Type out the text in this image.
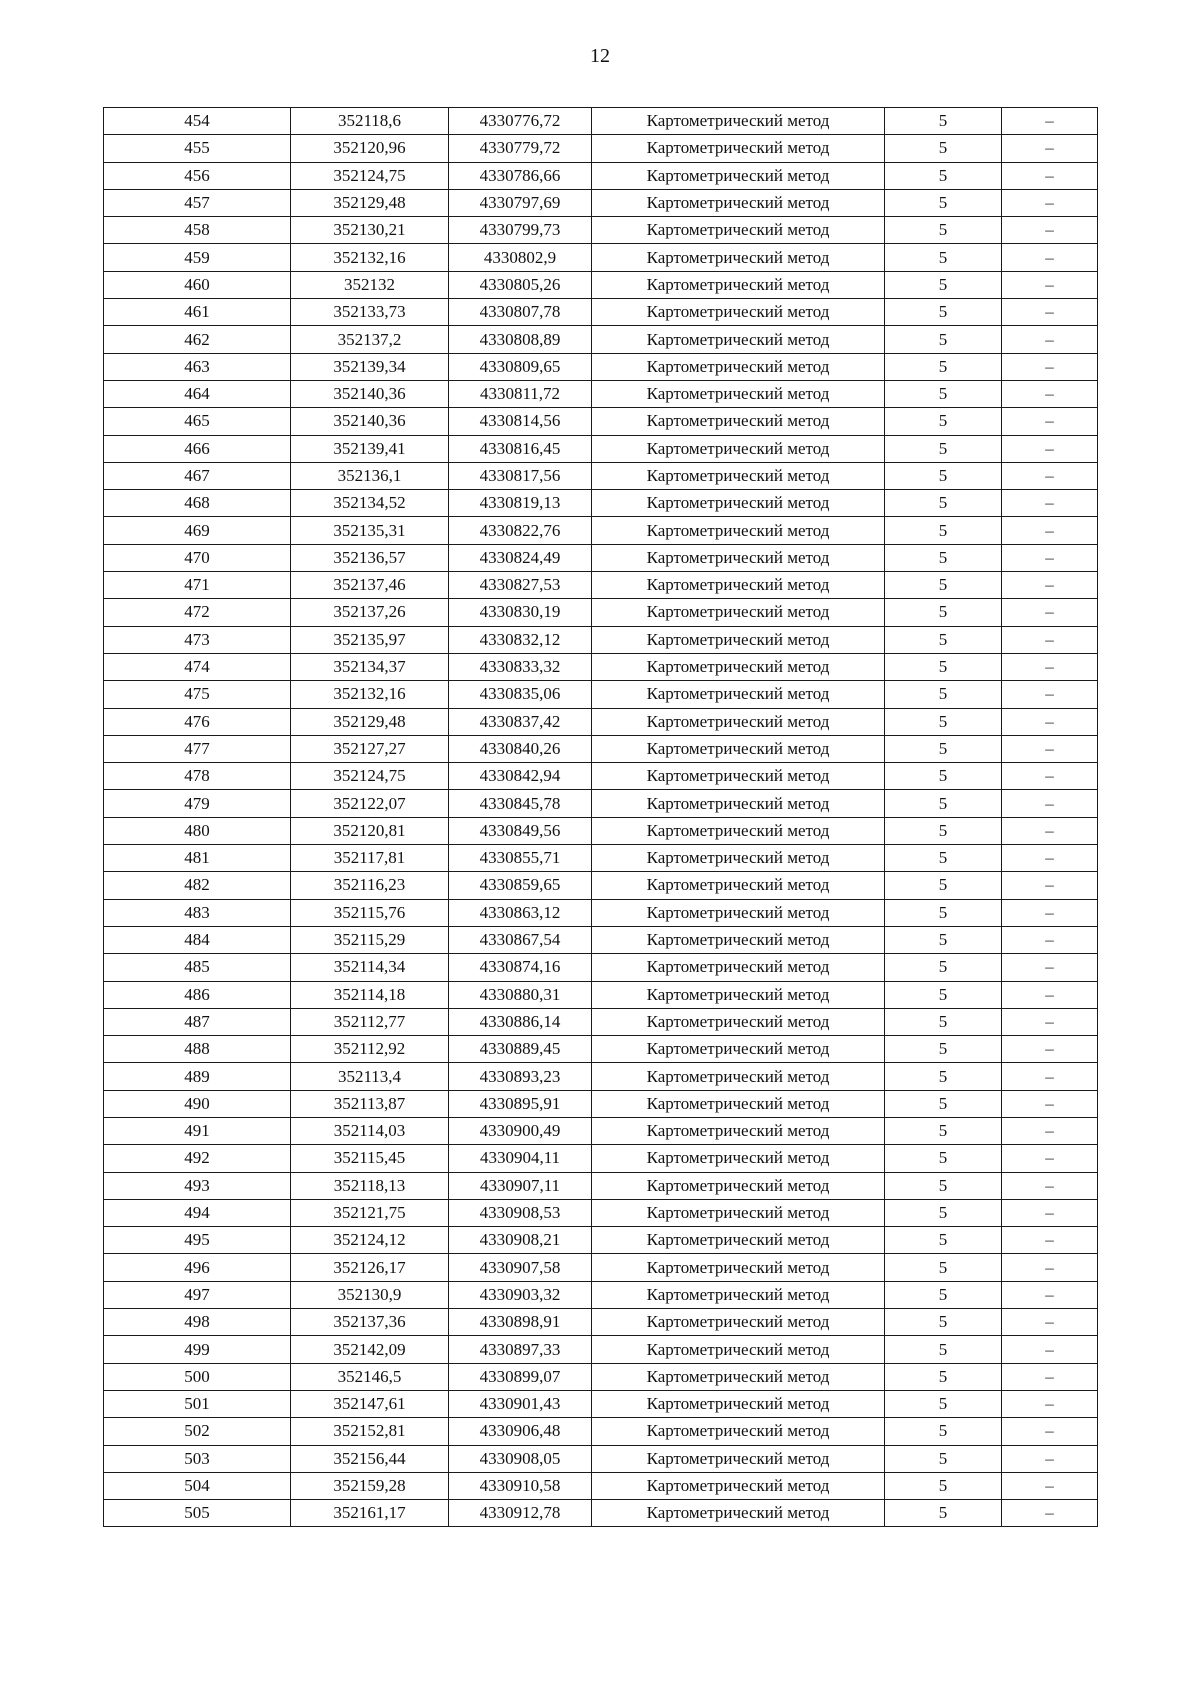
12
454	352118,6	4330776,72	Картометрический метод	5	–
455	352120,96	4330779,72	Картометрический метод	5	–
456	352124,75	4330786,66	Картометрический метод	5	–
457	352129,48	4330797,69	Картометрический метод	5	–
458	352130,21	4330799,73	Картометрический метод	5	–
459	352132,16	4330802,9	Картометрический метод	5	–
460	352132	4330805,26	Картометрический метод	5	–
461	352133,73	4330807,78	Картометрический метод	5	–
462	352137,2	4330808,89	Картометрический метод	5	–
463	352139,34	4330809,65	Картометрический метод	5	–
464	352140,36	4330811,72	Картометрический метод	5	–
465	352140,36	4330814,56	Картометрический метод	5	–
466	352139,41	4330816,45	Картометрический метод	5	–
467	352136,1	4330817,56	Картометрический метод	5	–
468	352134,52	4330819,13	Картометрический метод	5	–
469	352135,31	4330822,76	Картометрический метод	5	–
470	352136,57	4330824,49	Картометрический метод	5	–
471	352137,46	4330827,53	Картометрический метод	5	–
472	352137,26	4330830,19	Картометрический метод	5	–
473	352135,97	4330832,12	Картометрический метод	5	–
474	352134,37	4330833,32	Картометрический метод	5	–
475	352132,16	4330835,06	Картометрический метод	5	–
476	352129,48	4330837,42	Картометрический метод	5	–
477	352127,27	4330840,26	Картометрический метод	5	–
478	352124,75	4330842,94	Картометрический метод	5	–
479	352122,07	4330845,78	Картометрический метод	5	–
480	352120,81	4330849,56	Картометрический метод	5	–
481	352117,81	4330855,71	Картометрический метод	5	–
482	352116,23	4330859,65	Картометрический метод	5	–
483	352115,76	4330863,12	Картометрический метод	5	–
484	352115,29	4330867,54	Картометрический метод	5	–
485	352114,34	4330874,16	Картометрический метод	5	–
486	352114,18	4330880,31	Картометрический метод	5	–
487	352112,77	4330886,14	Картометрический метод	5	–
488	352112,92	4330889,45	Картометрический метод	5	–
489	352113,4	4330893,23	Картометрический метод	5	–
490	352113,87	4330895,91	Картометрический метод	5	–
491	352114,03	4330900,49	Картометрический метод	5	–
492	352115,45	4330904,11	Картометрический метод	5	–
493	352118,13	4330907,11	Картометрический метод	5	–
494	352121,75	4330908,53	Картометрический метод	5	–
495	352124,12	4330908,21	Картометрический метод	5	–
496	352126,17	4330907,58	Картометрический метод	5	–
497	352130,9	4330903,32	Картометрический метод	5	–
498	352137,36	4330898,91	Картометрический метод	5	–
499	352142,09	4330897,33	Картометрический метод	5	–
500	352146,5	4330899,07	Картометрический метод	5	–
501	352147,61	4330901,43	Картометрический метод	5	–
502	352152,81	4330906,48	Картометрический метод	5	–
503	352156,44	4330908,05	Картометрический метод	5	–
504	352159,28	4330910,58	Картометрический метод	5	–
505	352161,17	4330912,78	Картометрический метод	5	–
